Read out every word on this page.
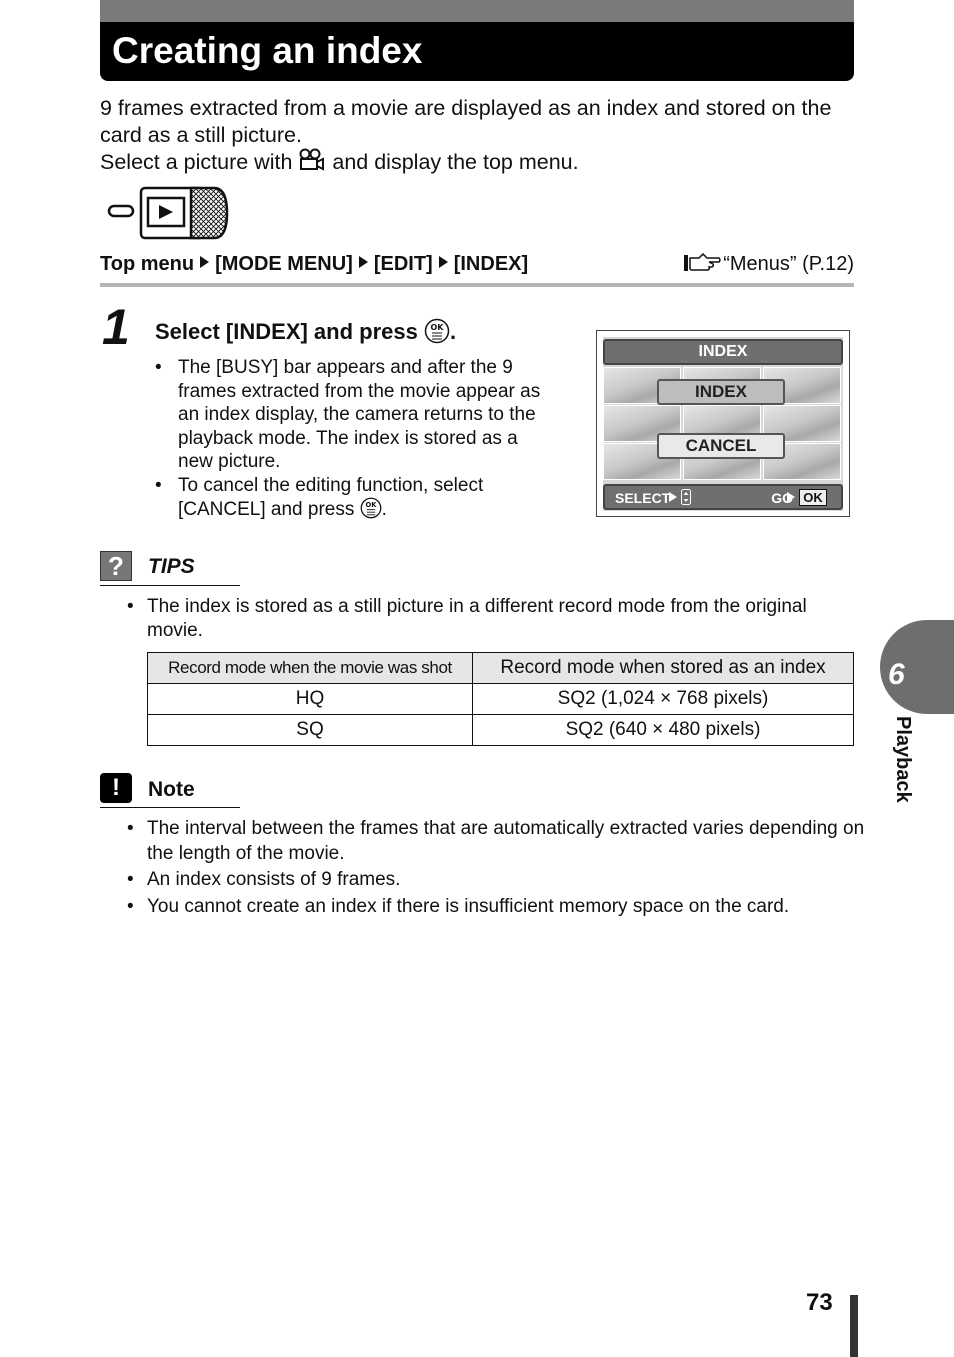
Creating an index

9 frames extracted from a movie are displayed as an index and stored on the card as a still picture.

Select a picture with and display the top menu.

Top menu [MODE MENU] [EDIT] [INDEX]	“Menus” (P.12)
1 Select [INDEX] and press OK .
• The [BUSY] bar appears and after the 9 frames extracted from the movie appear as an index display, the camera returns to the playback mode. The index is stored as a new picture.
• To cancel the editing function, select [CANCEL] and press OK .
INDEX
INDEX
CANCEL
SELECT	GO OK
?	TIPS
• The index is stored as a still picture in a different record mode from the original movie.
Record mode when the movie was shot	Record mode when stored as an index
HQ	SQ2 (1,024 × 768 pixels)
SQ	SQ2 (640 × 480 pixels)
!	Note
• The interval between the frames that are automatically extracted varies depending on the length of the movie.
• An index consists of 9 frames.
• You cannot create an index if there is insufficient memory space on the card.
6
Playback
73
